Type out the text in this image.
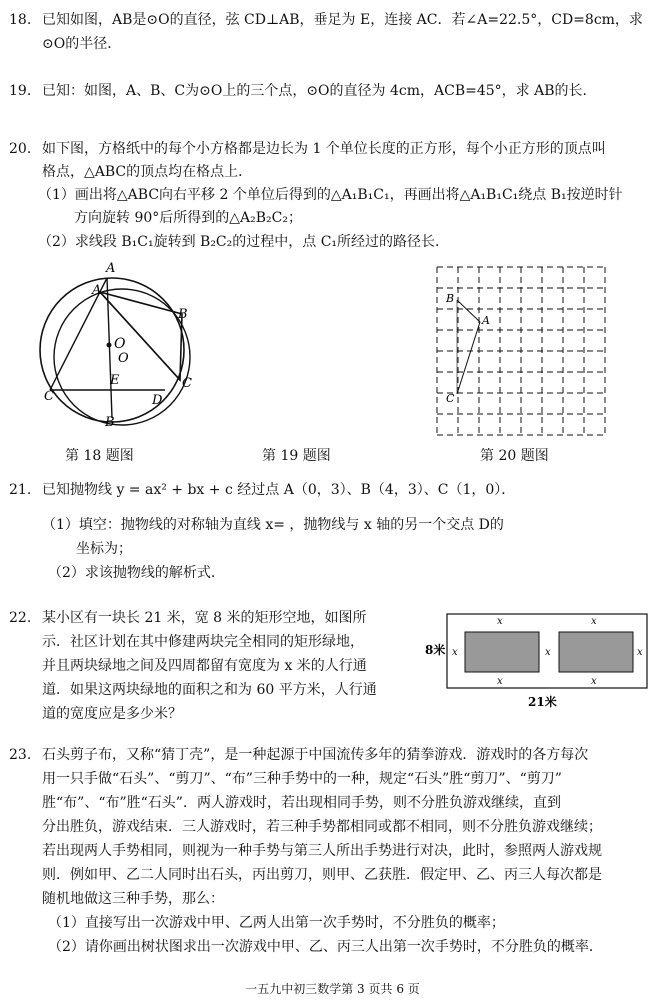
18. 已知如图，AB是⊙O的直径，弦 CD⊥AB，垂足为 E，连接 AC．若∠A=22.5°，CD=8cm，求
⊙O的半径．
19. 已知：如图，A、B、C为⊙O上的三个点，⊙O的直径为 4cm，ACB=45°，求 AB的长．
20. 如下图，方格纸中的每个小方格都是边长为 1 个单位长度的正方形，每个小正方形的顶点叫
格点，△ABC的顶点均在格点上．
（1）画出将△ABC向右平移 2 个单位后得到的△A₁B₁C₁，再画出将△A₁B₁C₁绕点 B₁按逆时针
方向旋转 90°后所得到的△A₂B₂C₂；
（2）求线段 B₁C₁旋转到 B₂C₂的过程中，点 C₁所经过的路径长．
A
A
O
O
E
C	D
B
B
C
B
A
C
第 18 题图	第 19 题图	第 20 题图
21. 已知抛物线 y = ax² + bx + c 经过点 A（0，3）、B（4，3）、C（1，0）．
（1）填空：抛物线的对称轴为直线 x= ，抛物线与 x 轴的另一个交点 D的
坐标为；
（2）求该抛物线的解析式．
22. 某小区有一块长 21 米，宽 8 米的矩形空地，如图所
示．社区计划在其中修建两块完全相同的矩形绿地，
并且两块绿地之间及四周都留有宽度为 x 米的人行通
道．如果这两块绿地的面积之和为 60 平方米，人行通
道的宽度应是多少米？
8米
21米
x	x
x	x
x	x	x
23. 石头剪子布，又称“猜丁壳”，是一种起源于中国流传多年的猜拳游戏．游戏时的各方每次
用一只手做“石头”、“剪刀”、“布”三种手势中的一种，规定“石头”胜“剪刀”、“剪刀”
胜“布”、“布”胜“石头”．两人游戏时，若出现相同手势，则不分胜负游戏继续，直到
分出胜负，游戏结束．三人游戏时，若三种手势都相同或都不相同，则不分胜负游戏继续；
若出现两人手势相同，则视为一种手势与第三人所出手势进行对决，此时，参照两人游戏规
则．例如甲、乙二人同时出石头，丙出剪刀，则甲、乙获胜．假定甲、乙、丙三人每次都是
随机地做这三种手势，那么：
（1）直接写出一次游戏中甲、乙两人出第一次手势时，不分胜负的概率；
（2）请你画出树状图求出一次游戏中甲、乙、丙三人出第一次手势时，不分胜负的概率．
一五九中初三数学第 3 页共 6 页
